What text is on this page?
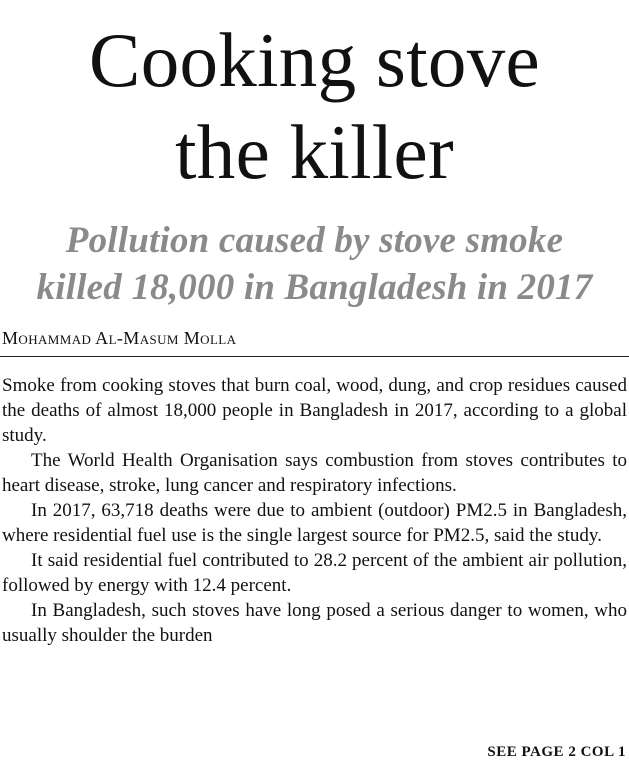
Cooking stove
the killer
Pollution caused by stove smoke
killed 18,000 in Bangladesh in 2017
Mohammad Al-Masum Molla

Smoke from cooking stoves that burn coal, wood, dung, and crop residues caused the deaths of almost 18,000 people in Bangladesh in 2017, according to a global study.

The World Health Organisation says combustion from stoves contributes to heart disease, stroke, lung cancer and respiratory infections.

In 2017, 63,718 deaths were due to ambient (outdoor) PM2.5 in Bangladesh, where residential fuel use is the single largest source for PM2.5, said the study.

It said residential fuel contributed to 28.2 percent of the ambient air pollution, followed by energy with 12.4 percent.

In Bangladesh, such stoves have long posed a serious danger to women, who usually shoulder the burden

SEE PAGE 2 COL 1
